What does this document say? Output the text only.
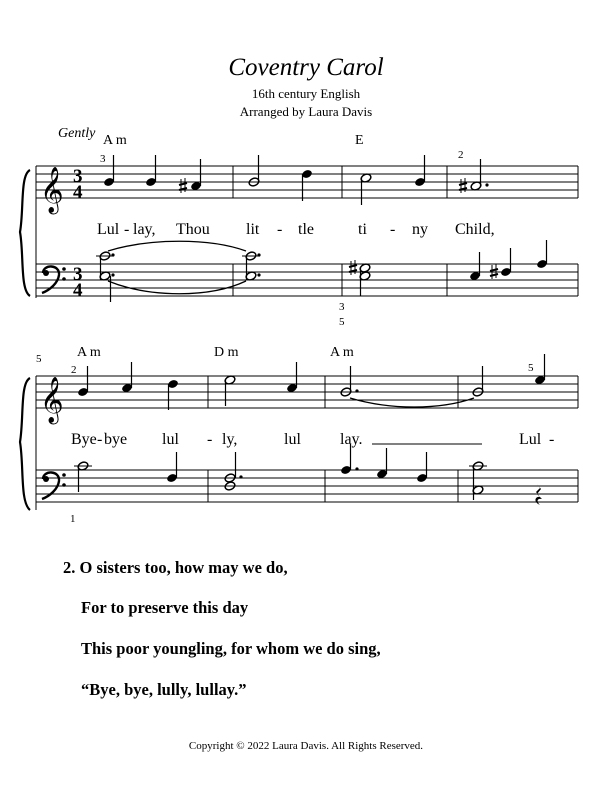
Coventry Carol
16th century English
Arranged by Laura Davis
Gently A m	E
3	2
𝄞 3
4
Lul - lay, Thou lit - tle	ti - ny Child,
3
4
3
5
5	A m	D m	A m
2	5
𝄞
Bye - bye lul - ly,	lul lay.	Lul -
1
2. O sisters too, how may we do,
For to preserve this day
This poor youngling, for whom we do sing,
“Bye, bye, lully, lullay.”
Copyright © 2022 Laura Davis. All Rights Reserved.
